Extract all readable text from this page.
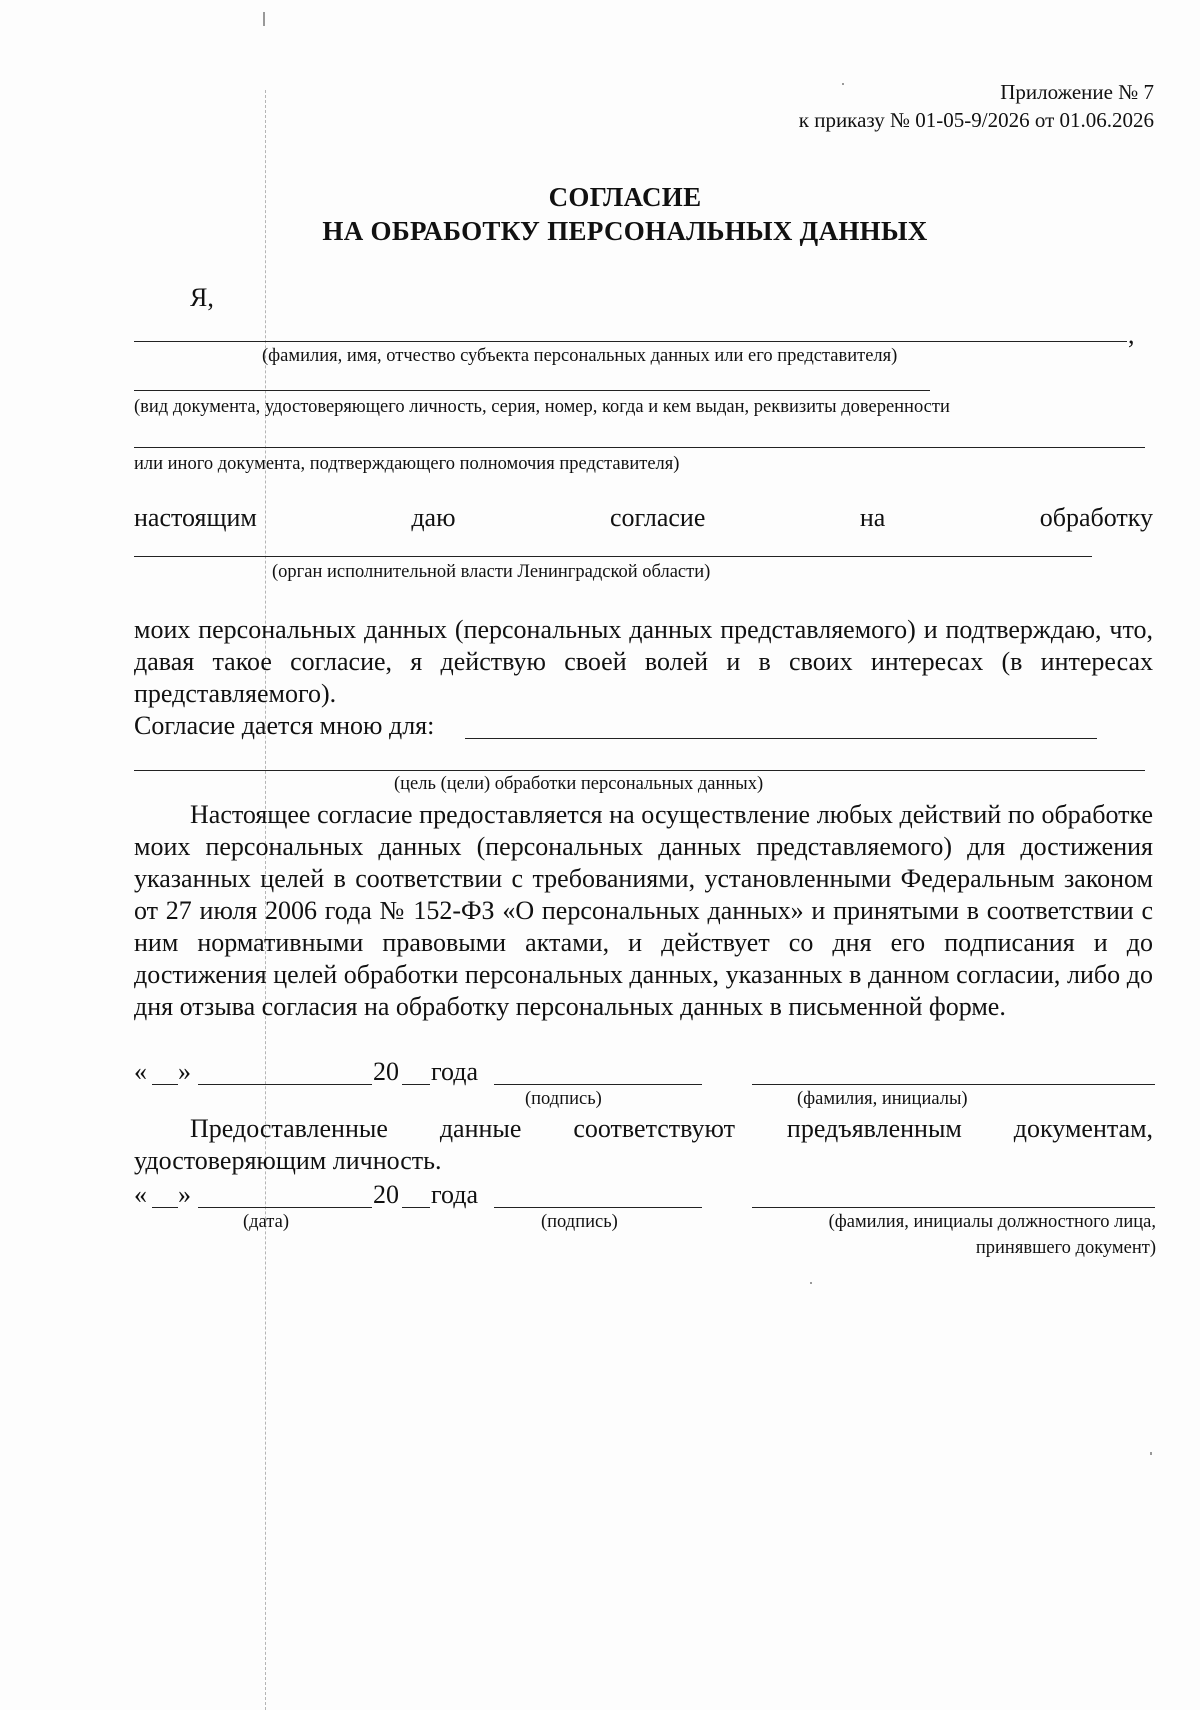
Приложение № 7
к приказу № 01-05-9/2026 от 01.06.2026
СОГЛАСИЕ
НА ОБРАБОТКУ ПЕРСОНАЛЬНЫХ ДАННЫХ
Я,
,
(фамилия, имя, отчество субъекта персональных данных или его представителя)
(вид документа, удостоверяющего личность, серия, номер, когда и кем выдан, реквизиты доверенности
или иного документа, подтверждающего полномочия представителя)
настоящим	даю	согласие	на	обработку
(орган исполнительной власти Ленинградской области)
моих персональных данных (персональных данных представляемого) и подтверждаю, что, давая такое согласие, я действую своей волей и в своих интересах (в интересах представляемого).
Согласие дается мною для:
(цель (цели) обработки персональных данных)
Настоящее согласие предоставляется на осуществление любых действий по обработке моих персональных данных (персональных данных представляемого) для достижения указанных целей в соответствии с требованиями, установленными Федеральным законом от 27 июля 2006 года № 152-ФЗ «О персональных данных» и принятыми в соответствии с ним нормативными правовыми актами, и действует со дня его подписания и до достижения целей обработки персональных данных, указанных в данном согласии, либо до дня отзыва согласия на обработку персональных данных в письменной форме.
« »	20 года
(подпись)	(фамилия, инициалы)
Предоставленные данные соответствуют предъявленным документам,
удостоверяющим личность.
« »	20 года
(дата)	(подпись)	(фамилия, инициалы должностного лица,
принявшего документ)
